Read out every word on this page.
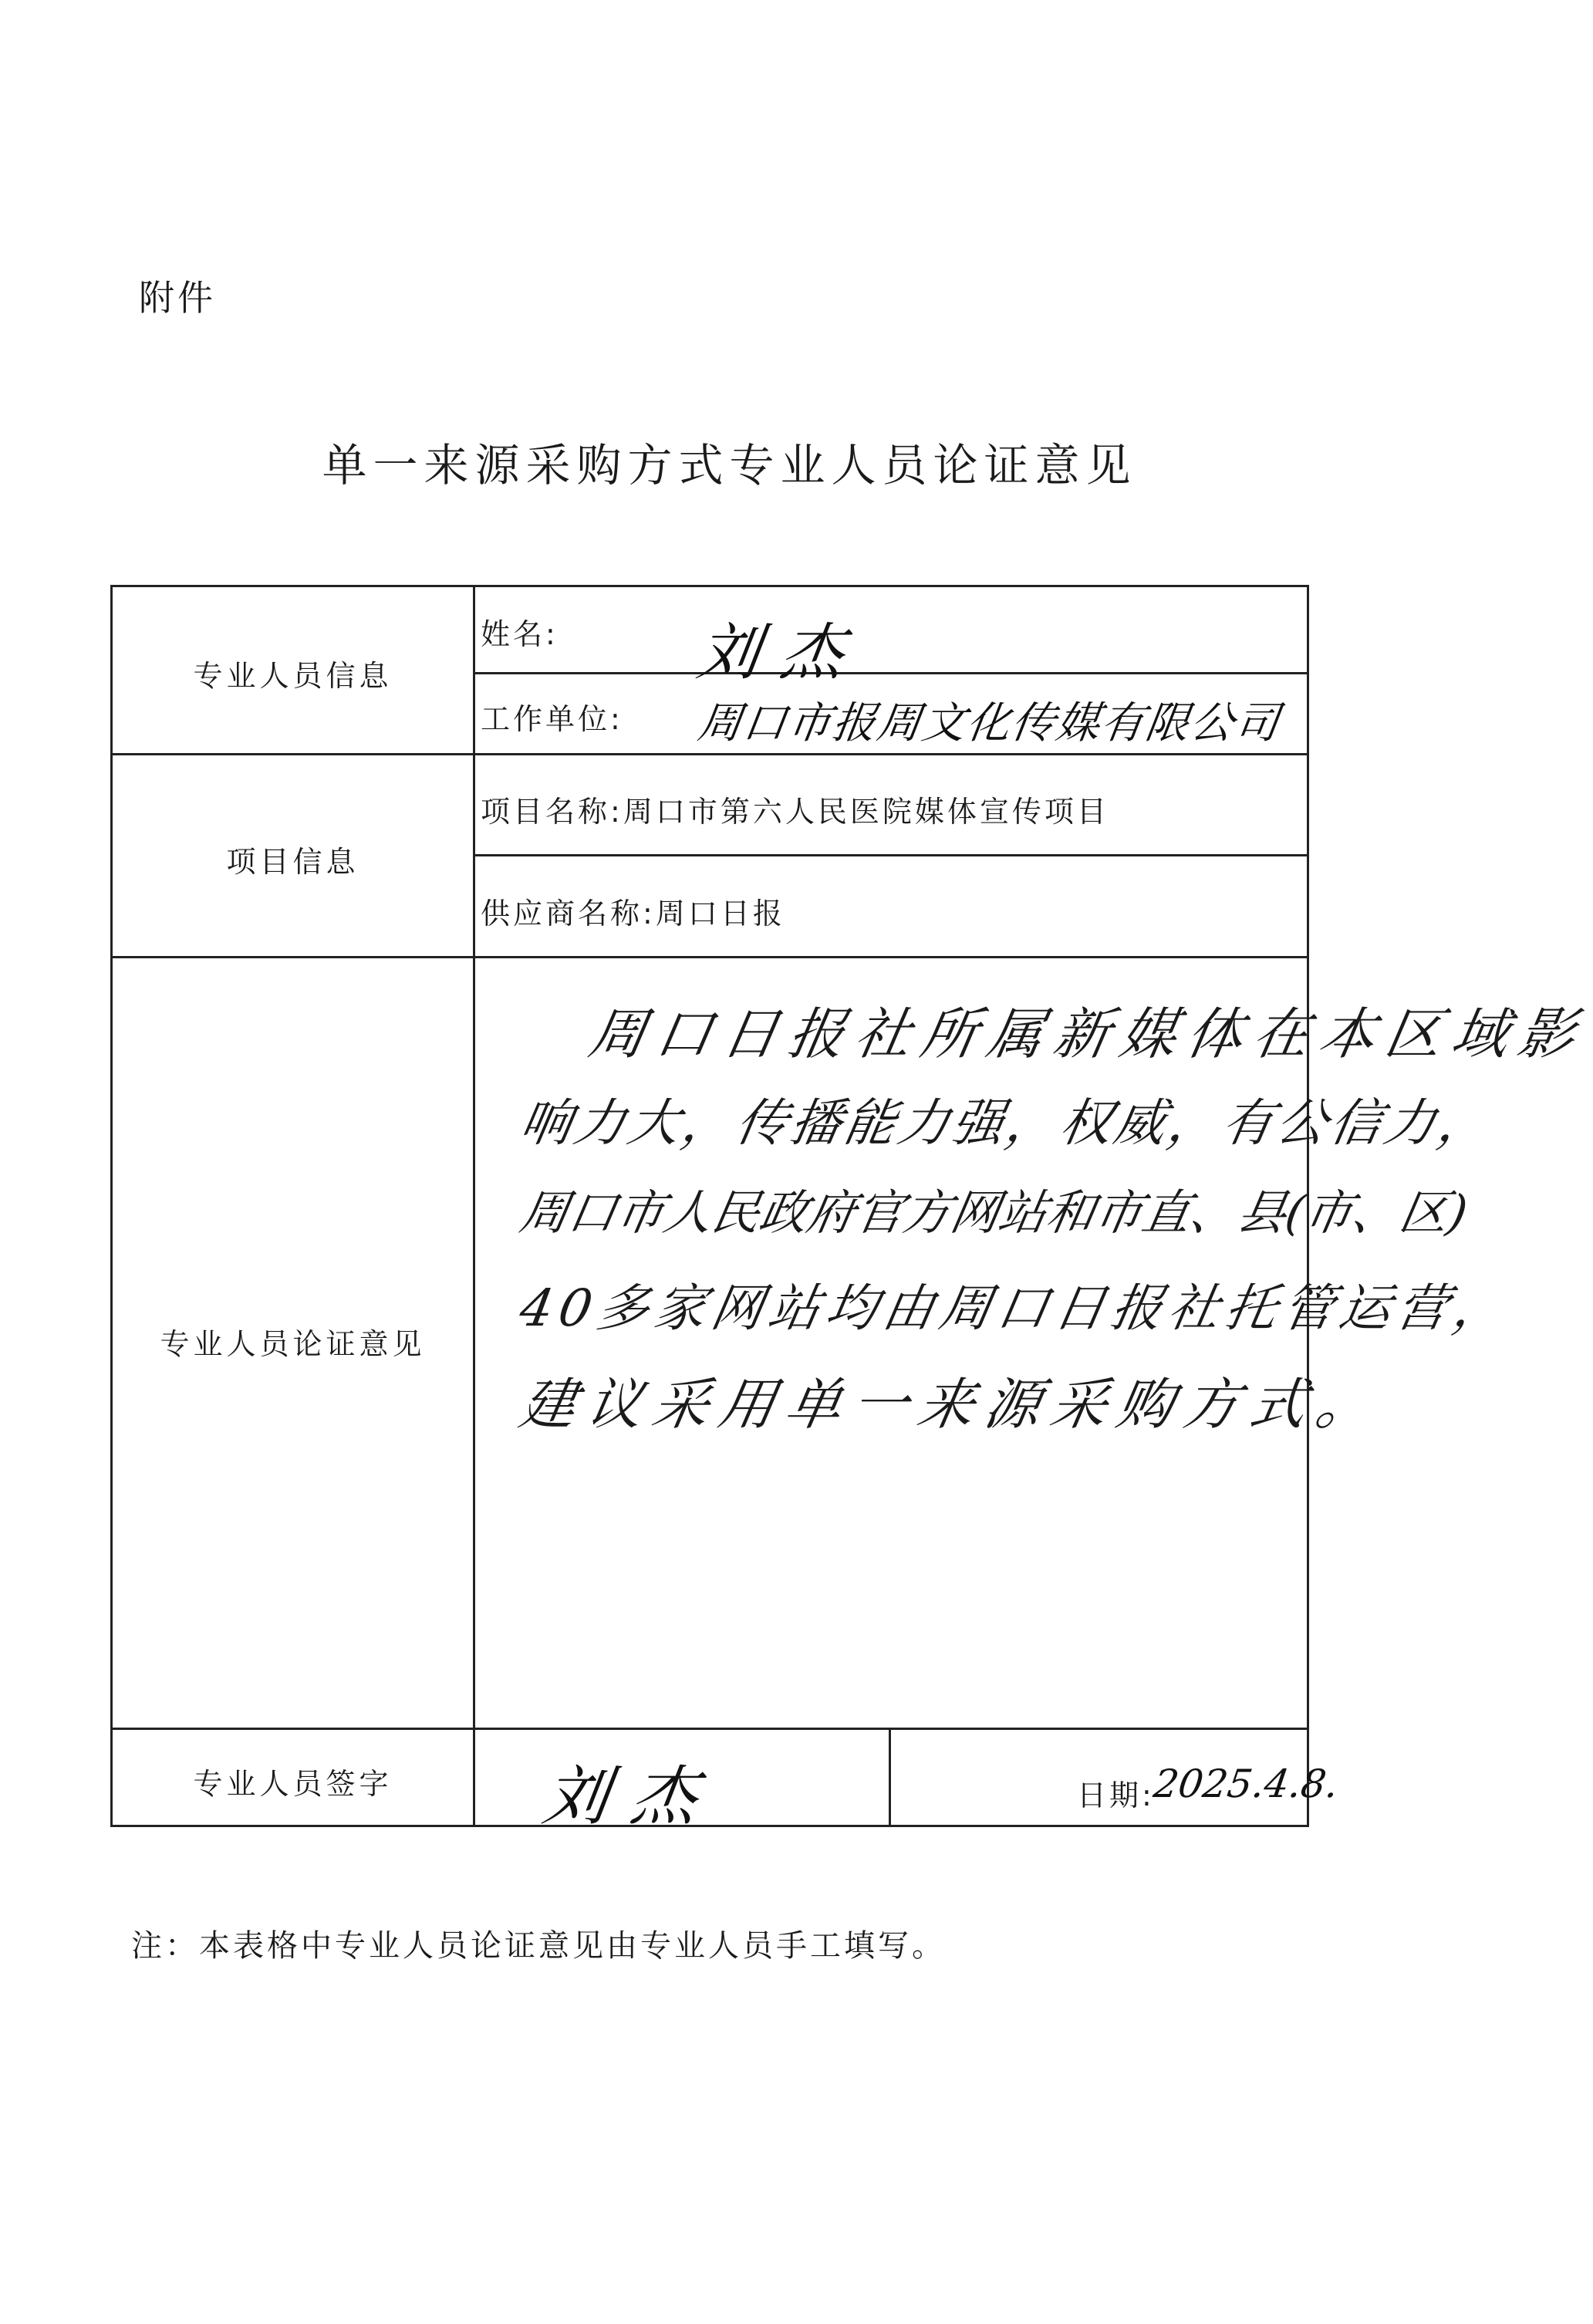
附件
单一来源采购方式专业人员论证意见
专业人员信息
项目信息
专业人员论证意见
专业人员签字
姓名: 刘杰
工作单位: 周口市报周文化传媒有限公司
项目名称:周口市第六人民医院媒体宣传项目
供应商名称:周口日报
周口日报社所属新媒体在本区域影
响力大，传播能力强，权威，有公信力，
周口市人民政府官方网站和市直、县(市、区)
40多家网站均由周口日报社托管运营，
建议采用单一来源采购方式。
刘杰	日期:
2025.4.8.
注：本表格中专业人员论证意见由专业人员手工填写。
